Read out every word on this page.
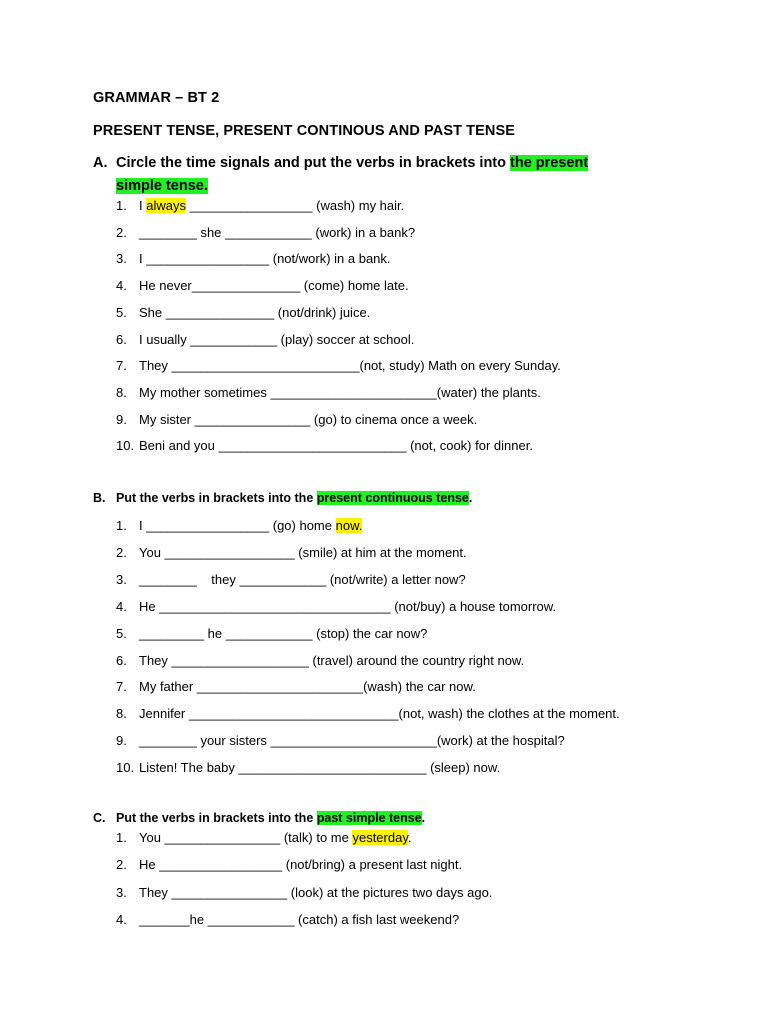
GRAMMAR – BT 2
PRESENT TENSE, PRESENT CONTINOUS AND PAST TENSE
A. Circle the time signals and put the verbs in brackets into the present
simple tense.
1. I always _________________ (wash) my hair.
2. ________ she ____________ (work) in a bank?
3. I _________________ (not/work) in a bank.
4. He never_______________ (come) home late.
5. She _______________ (not/drink) juice.
6. I usually ____________ (play) soccer at school.
7. They __________________________(not, study) Math on every Sunday.
8. My mother sometimes _______________________(water) the plants.
9. My sister ________________ (go) to cinema once a week.
10. Beni and you __________________________ (not, cook) for dinner.
B. Put the verbs in brackets into the present continuous tense.
1. I _________________ (go) home now.
2. You __________________ (smile) at him at the moment.
3. ________    they ____________ (not/write) a letter now?
4. He ________________________________ (not/buy) a house tomorrow.
5. _________ he ____________ (stop) the car now?
6. They ___________________ (travel) around the country right now.
7. My father _______________________(wash) the car now.
8. Jennifer _____________________________(not, wash) the clothes at the moment.
9. ________ your sisters _______________________(work) at the hospital?
10. Listen! The baby __________________________ (sleep) now.
C. Put the verbs in brackets into the past simple tense.
1. You ________________ (talk) to me yesterday.
2. He _________________ (not/bring) a present last night.
3. They ________________ (look) at the pictures two days ago.
4. _______he ____________ (catch) a fish last weekend?
